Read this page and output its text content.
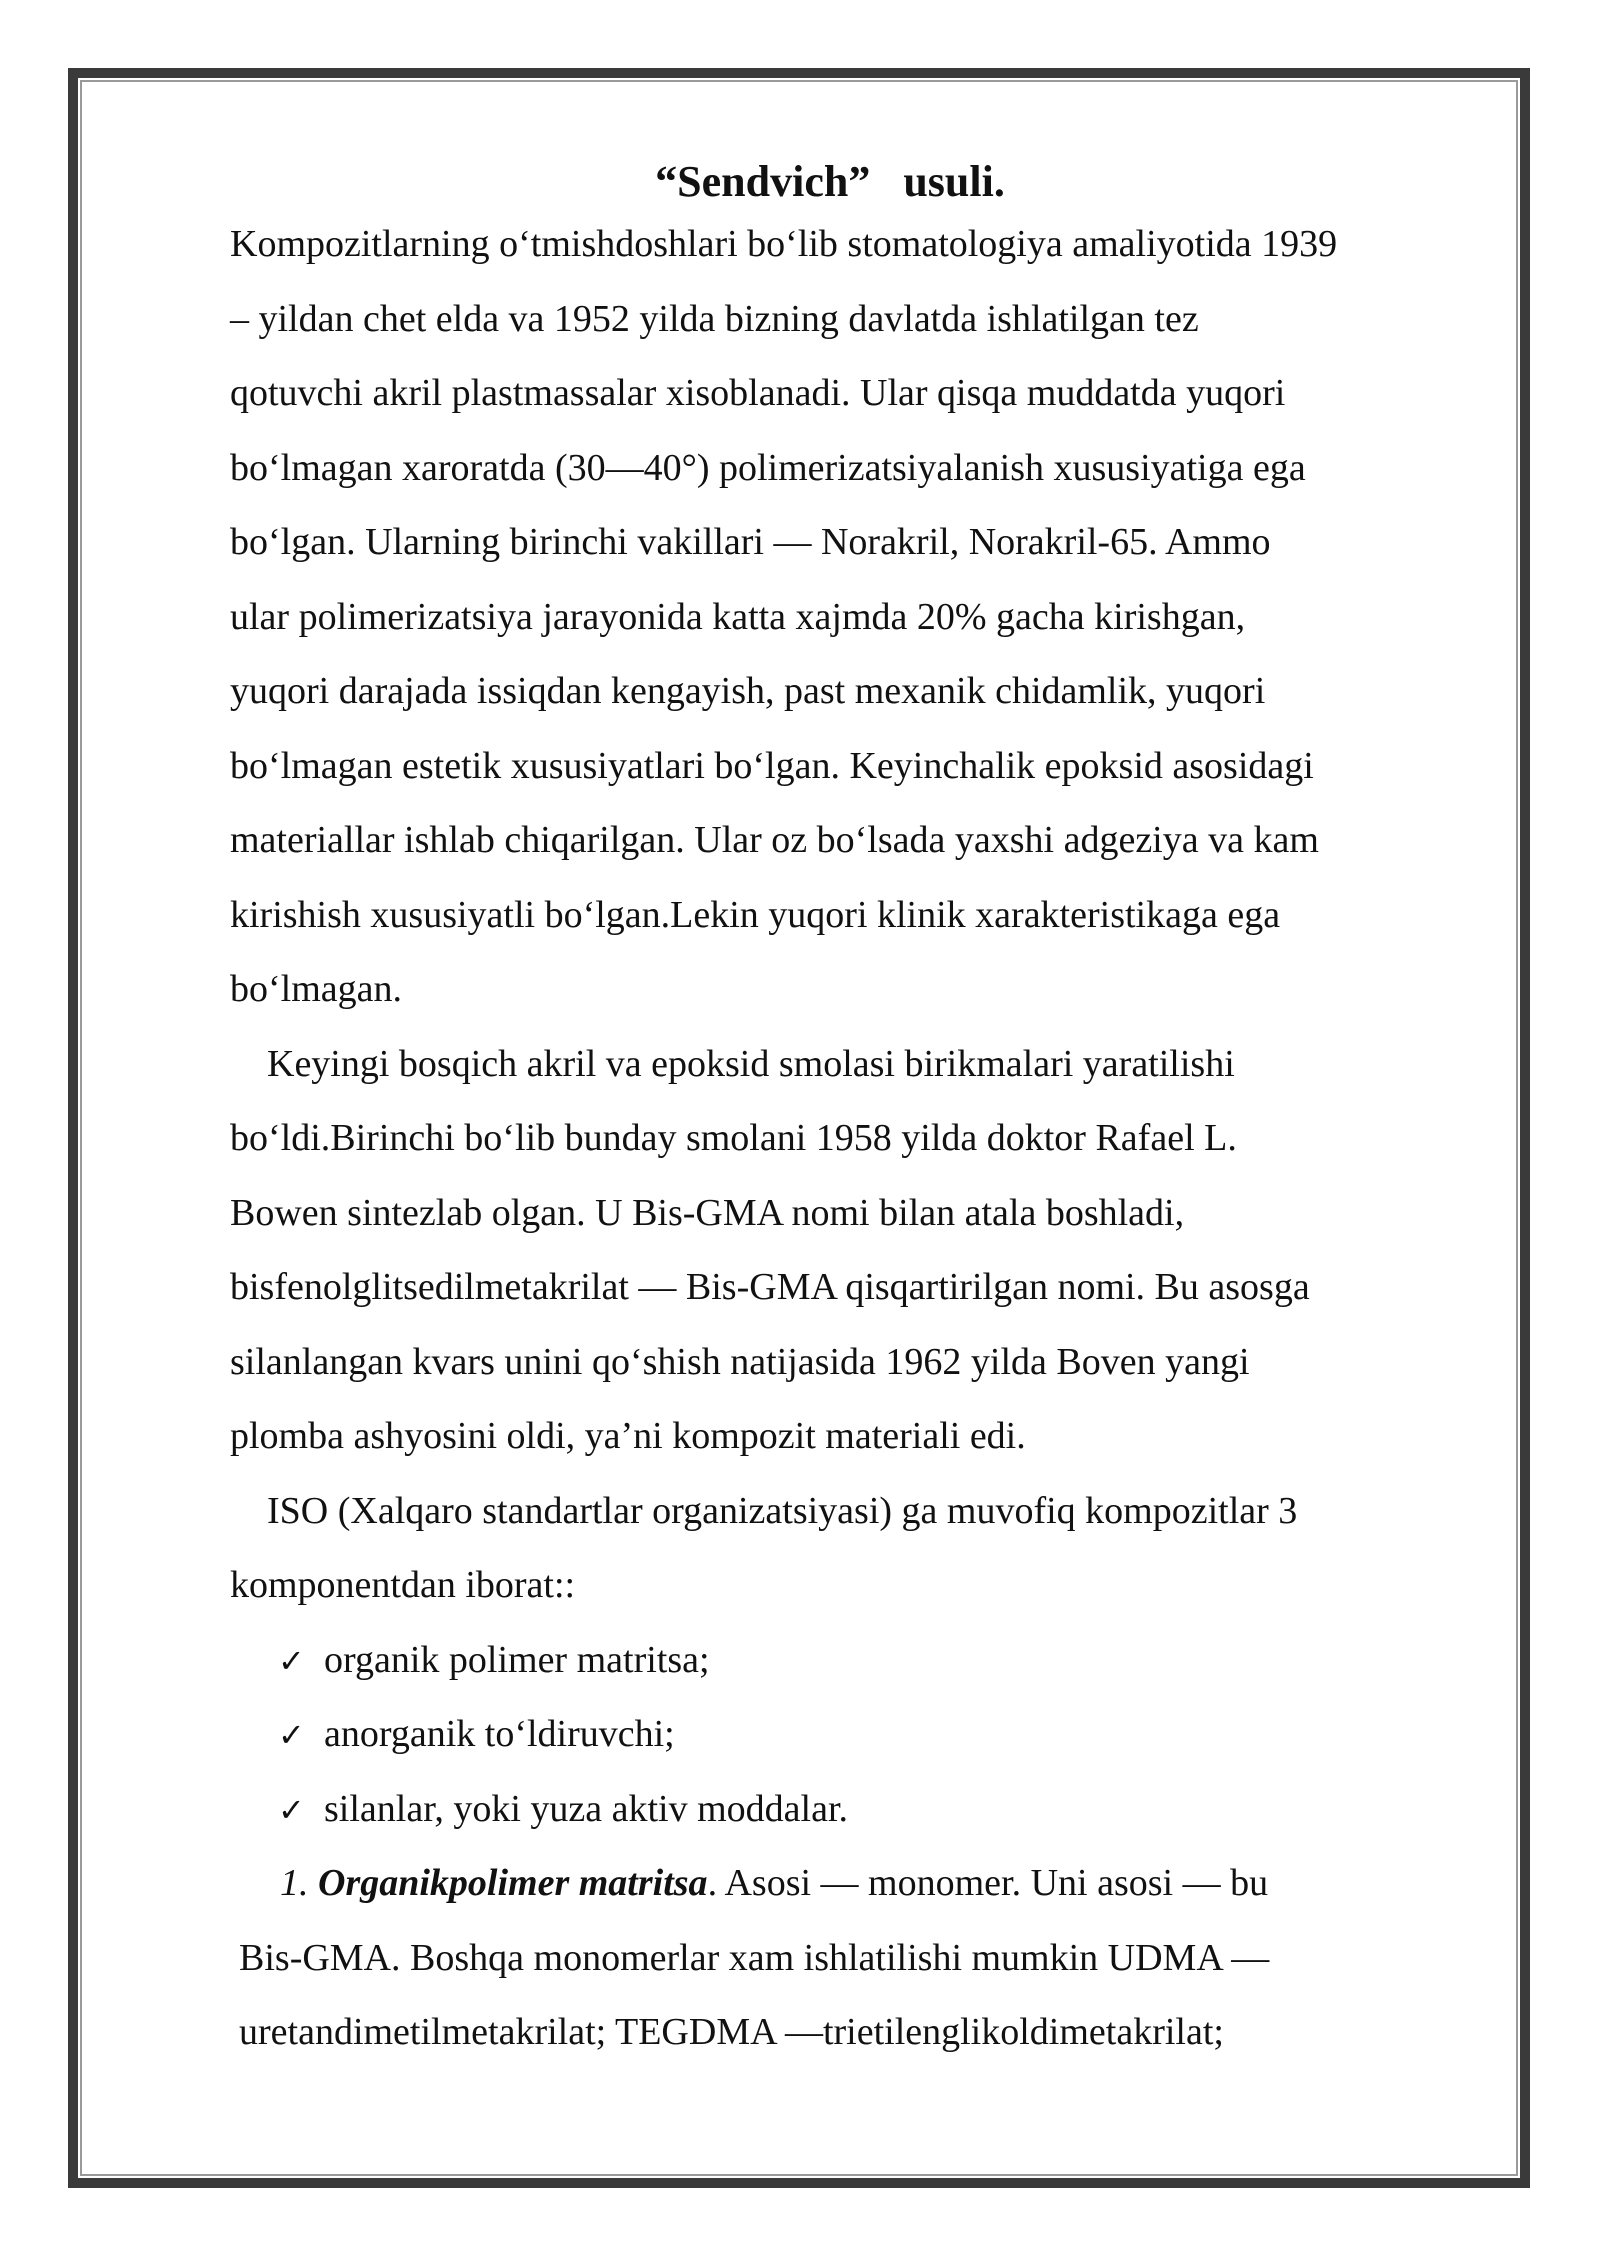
“Sendvich”   usuli.
Kompozitlarning o‘tmishdoshlari bo‘lib stomatologiya amaliyotida 1939
– yildan chet elda va 1952 yilda bizning davlatda ishlatilgan tez
qotuvchi akril plastmassalar xisoblanadi. Ular qisqa muddatda yuqori
bo‘lmagan xaroratda (30—40°) polimerizatsiyalanish xususiyatiga ega
bo‘lgan. Ularning birinchi vakillari — Norakril, Norakril-65. Ammo
ular polimerizatsiya jarayonida katta xajmda 20% gacha kirishgan,
yuqori darajada issiqdan kengayish, past mexanik chidamlik, yuqori
bo‘lmagan estetik xususiyatlari bo‘lgan. Keyinchalik epoksid asosidagi
materiallar ishlab chiqarilgan. Ular oz bo‘lsada yaxshi adgeziya va kam
kirishish xususiyatli bo‘lgan.Lekin yuqori klinik xarakteristikaga ega
bo‘lmagan.
Keyingi bosqich akril va epoksid smolasi birikmalari yaratilishi
bo‘ldi.Birinchi bo‘lib bunday smolani 1958 yilda doktor Rafael L.
Bowen sintezlab olgan. U Bis-GMA nomi bilan atala boshladi,
bisfenolglitsedilmetakrilat — Bis-GMA qisqartirilgan nomi. Bu asosga
silanlangan kvars unini qo‘shish natijasida 1962 yilda Boven yangi
plomba ashyosini oldi, ya’ni kompozit materiali edi.
ISO (Xalqaro standartlar organizatsiyasi) ga muvofiq kompozitlar 3
komponentdan iborat::
✓ organik polimer matritsa;
✓ anorganik to‘ldiruvchi;
✓ silanlar, yoki yuza aktiv moddalar.
1. Organikpolimer matritsa. Asosi — monomer. Uni asosi — bu
Bis-GMA. Boshqa monomerlar xam ishlatilishi mumkin UDMA —
uretandimetilmetakrilat; TEGDMA —trietilenglikoldimetakrilat;
